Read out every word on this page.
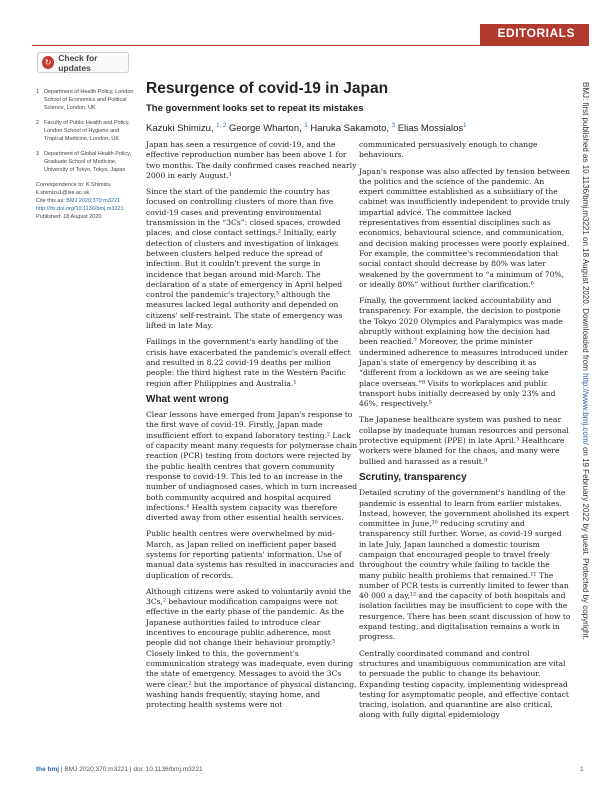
EDITORIALS
↻ Check for updates
1 Department of Health Policy, London School of Economics and Political Science, London, UK
2 Faculty of Public Health and Policy, London School of Hygiene and Tropical Medicine, London, UK
3 Department of Global Health Policy, Graduate School of Medicine, University of Tokyo, Tokyo, Japan
Correspondence to: K Shimizu
k.shimizu1@lse.ac.uk
Cite this as: BMJ 2020;370:m3221
http://dx.doi.org/10.1136/bmj.m3221
Published: 18 August 2020
Resurgence of covid-19 in Japan
The government looks set to repeat its mistakes
Kazuki Shimizu, $^{1, 2}$ George Wharton, $^1$ Haruka Sakamoto, $^3$ Elias Mossialos$^1$

Japan has seen a resurgence of covid-19, and the effective reproduction number has been above 1 for two months. The daily confirmed cases reached nearly 2000 in early August.¹

Since the start of the pandemic the country has focused on controlling clusters of more than five covid-19 cases and preventing environmental transmission in the “3Cs”: closed spaces, crowded places, and close contact settings.² Initially, early detection of clusters and investigation of linkages between clusters helped reduce the spread of infection. But it couldn't prevent the surge in incidence that began around mid-March. The declaration of a state of emergency in April helped control the pandemic's trajectory,³ although the measures lacked legal authority and depended on citizens' self-restraint. The state of emergency was lifted in late May.

Failings in the government's early handling of the crisis have exacerbated the pandemic's overall effect and resulted in 8.22 covid-19 deaths per million people: the third highest rate in the Western Pacific region after Philippines and Australia.¹

What went wrong

Clear lessons have emerged from Japan's response to the first wave of covid-19. Firstly, Japan made insufficient effort to expand laboratory testing.² Lack of capacity meant many requests for polymerase chain reaction (PCR) testing from doctors were rejected by the public health centres that govern community response to covid-19. This led to an increase in the number of undiagnosed cases, which in turn increased both community acquired and hospital acquired infections.⁴ Health system capacity was therefore diverted away from other essential health services.

Public health centres were overwhelmed by mid-March, as Japan relied on inefficient paper based systems for reporting patients' information. Use of manual data systems has resulted in inaccuracies and duplication of records.

Although citizens were asked to voluntarily avoid the 3Cs,² behaviour modification campaigns were not effective in the early phase of the pandemic. As the Japanese authorities failed to introduce clear incentives to encourage public adherence, most people did not change their behaviour promptly.⁵ Closely linked to this, the government's communication strategy was inadequate, even during the state of emergency. Messages to avoid the 3Cs were clear,² but the importance of physical distancing, washing hands frequently, staying home, and protecting health systems were not

communicated persuasively enough to change behaviours.

Japan's response was also affected by tension between the politics and the science of the pandemic. An expert committee established as a subsidiary of the cabinet was insufficiently independent to provide truly impartial advice. The committee lacked representatives from essential disciplines such as economics, behavioural science, and communication, and decision making processes were poorly explained. For example, the committee's recommendation that social contact should decrease by 80% was later weakened by the government to “a minimum of 70%, or ideally 80%” without further clarification.⁶

Finally, the government lacked accountability and transparency. For example, the decision to postpone the Tokyo 2020 Olympics and Paralympics was made abruptly without explaining how the decision had been reached.⁷ Moreover, the prime minister undermined adherence to measures introduced under Japan's state of emergency by describing it as “different from a lockdown as we are seeing take place overseas.”⁸ Visits to workplaces and public transport hubs initially decreased by only 23% and 46%, respectively.⁵

The Japanese healthcare system was pushed to near collapse by inadequate human resources and personal protective equipment (PPE) in late April.³ Healthcare workers were blamed for the chaos, and many were bullied and harassed as a result.⁹

Scrutiny, transparency

Detailed scrutiny of the government's handling of the pandemic is essential to learn from earlier mistakes. Instead, however, the government abolished its expert committee in June,¹⁰ reducing scrutiny and transparency still further. Worse, as covid-19 surged in late July, Japan launched a domestic tourism campaign that encouraged people to travel freely throughout the country while failing to tackle the many public health problems that remained.¹¹ The number of PCR tests is currently limited to fewer than 40 000 a day,¹² and the capacity of both hospitals and isolation facilities may be insufficient to cope with the resurgence. There has been scant discussion of how to expand testing, and digitalisation remains a work in progress.

Centrally coordinated command and control structures and unambiguous communication are vital to persuade the public to change its behaviour. Expanding testing capacity, implementing widespread testing for asymptomatic people, and effective contact tracing, isolation, and quarantine are also critical, along with fully digital epidemiology

BMJ: first published as 10.1136/bmj.m3221 on 18 August 2020. Downloaded from http://www.bmj.com/ on 19 February 2022 by guest. Protected by copyright.
the bmj | BMJ 2020;370:m3221 | doi: 10.1136/bmj.m3221	1
